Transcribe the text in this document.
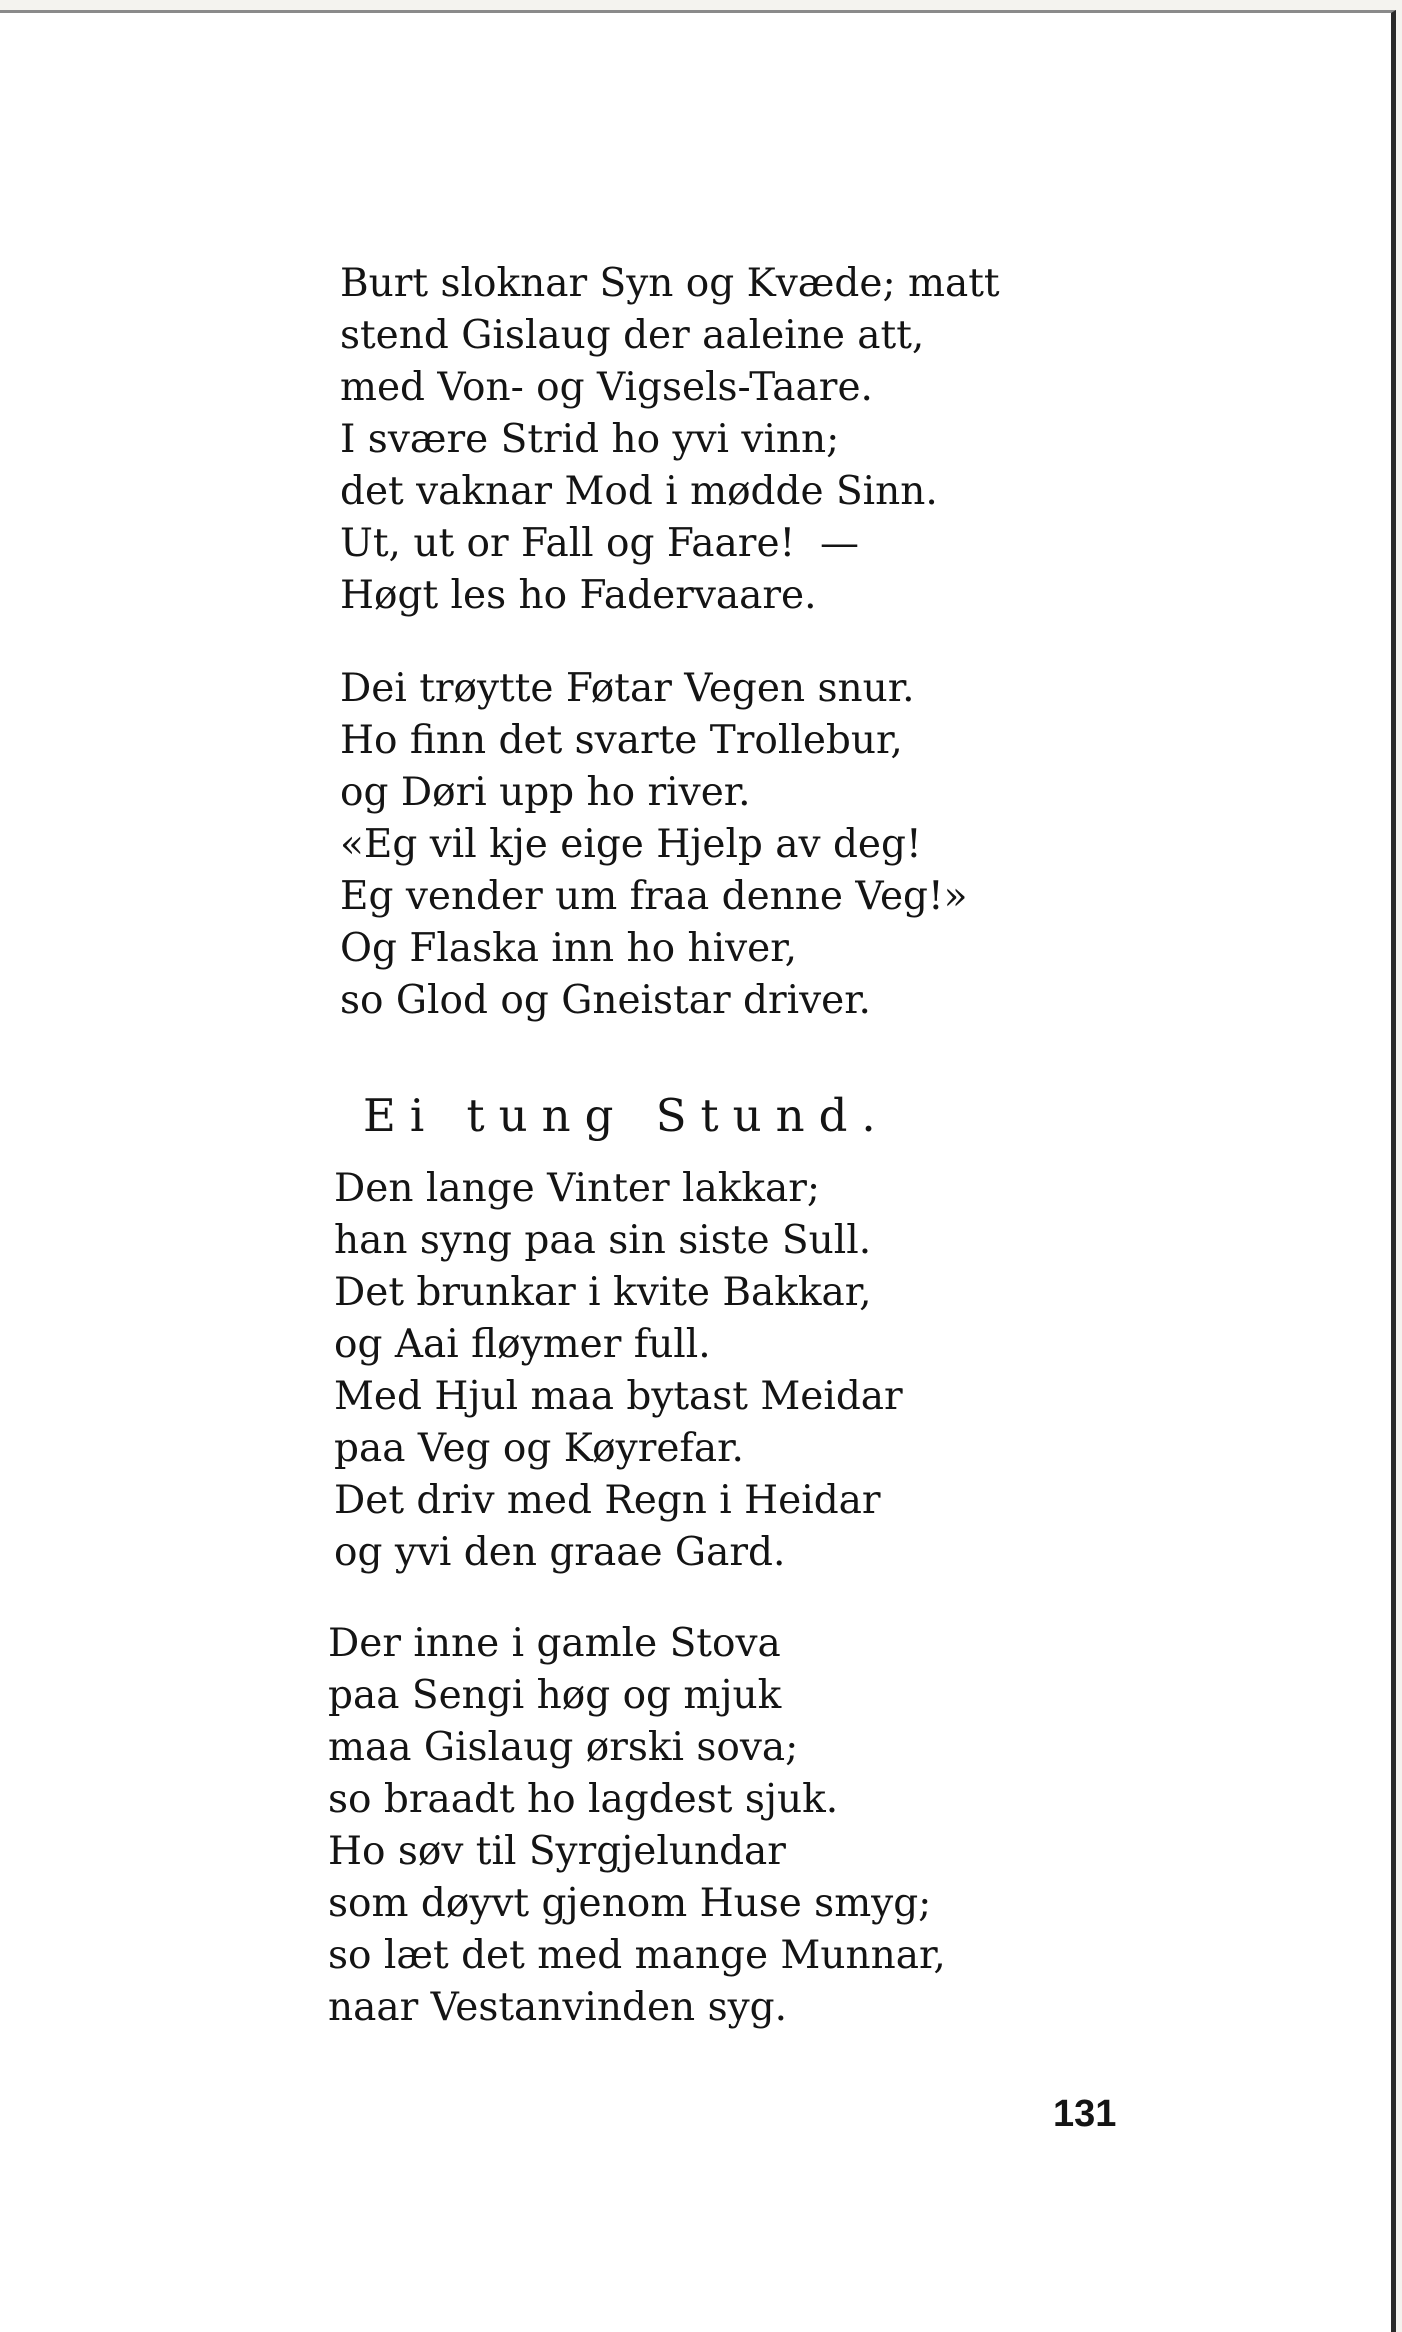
Burt sloknar Syn og Kvæde; matt
stend Gislaug der aaleine att,
med Von- og Vigsels-Taare.
I svære Strid ho yvi vinn;
det vaknar Mod i mødde Sinn.
Ut, ut or Fall og Faare!  —
Høgt les ho Fadervaare.
Dei trøytte Føtar Vegen snur.
Ho finn det svarte Trollebur,
og Døri upp ho river.
«Eg vil kje eige Hjelp av deg!
Eg vender um fraa denne Veg!»
Og Flaska inn ho hiver,
so Glod og Gneistar driver.
Ei tung Stund.
Den lange Vinter lakkar;
han syng paa sin siste Sull.
Det brunkar i kvite Bakkar,
og Aai fløymer full.
Med Hjul maa bytast Meidar
paa Veg og Køyrefar.
Det driv med Regn i Heidar
og yvi den graae Gard.
Der inne i gamle Stova
paa Sengi høg og mjuk
maa Gislaug ørski sova;
so braadt ho lagdest sjuk.
Ho søv til Syrgjelundar
som døyvt gjenom Huse smyg;
so læt det med mange Munnar,
naar Vestanvinden syg.
131
